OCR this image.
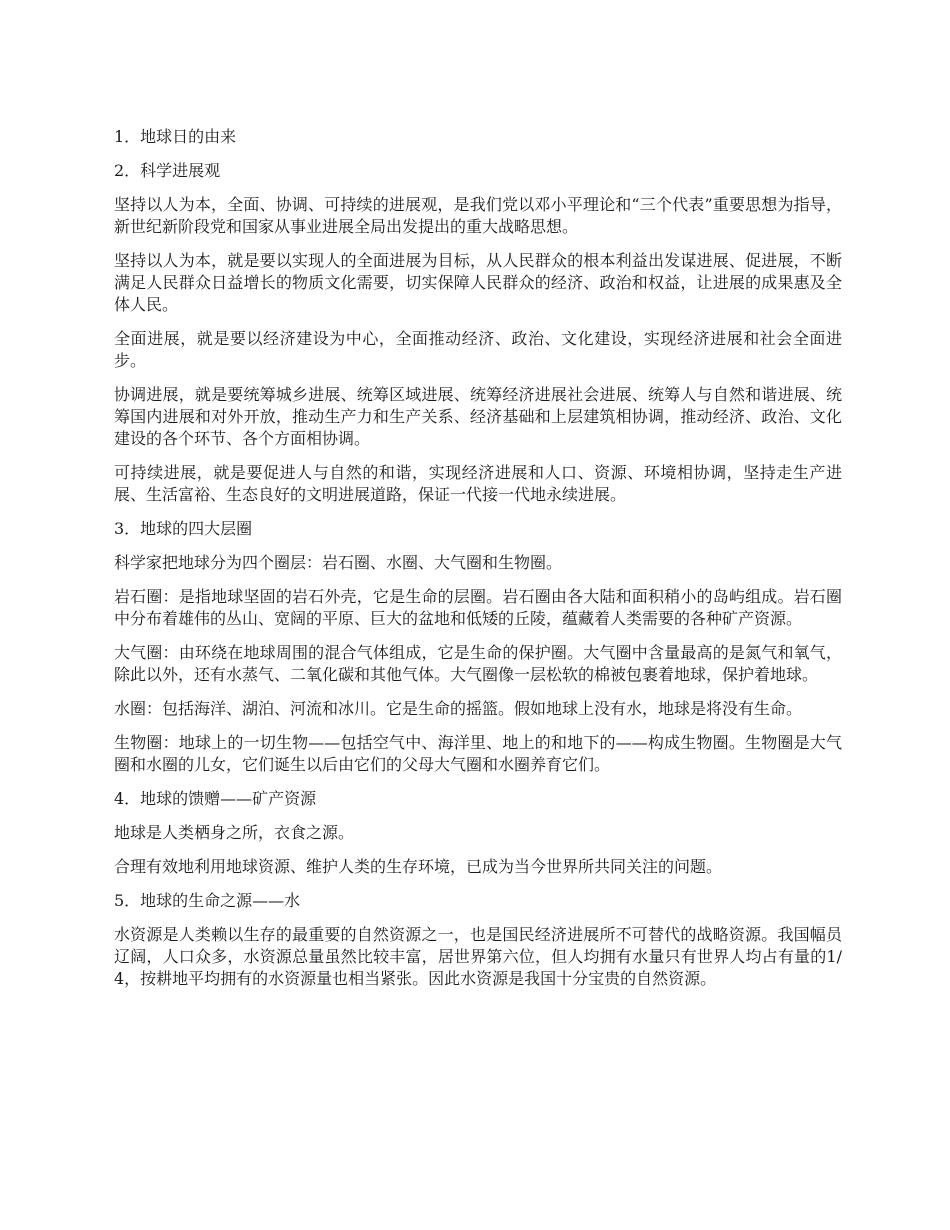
1．地球日的由来

2．科学进展观

坚持以人为本，全面、协调、可持续的进展观，是我们党以邓小平理论和“三个代表”重要思想为指导，新世纪新阶段党和国家从事业进展全局出发提出的重大战略思想。

坚持以人为本，就是要以实现人的全面进展为目标，从人民群众的根本利益出发谋进展、促进展，不断满足人民群众日益增长的物质文化需要，切实保障人民群众的经济、政治和权益，让进展的成果惠及全体人民。

全面进展，就是要以经济建设为中心，全面推动经济、政治、文化建设，实现经济进展和社会全面进步。

协调进展，就是要统筹城乡进展、统筹区域进展、统筹经济进展社会进展、统筹人与自然和谐进展、统筹国内进展和对外开放，推动生产力和生产关系、经济基础和上层建筑相协调，推动经济、政治、文化建设的各个环节、各个方面相协调。

可持续进展，就是要促进人与自然的和谐，实现经济进展和人口、资源、环境相协调，坚持走生产进展、生活富裕、生态良好的文明进展道路，保证一代接一代地永续进展。

3．地球的四大层圈

科学家把地球分为四个圈层：岩石圈、水圈、大气圈和生物圈。

岩石圈：是指地球坚固的岩石外壳，它是生命的层圈。岩石圈由各大陆和面积稍小的岛屿组成。岩石圈中分布着雄伟的丛山、宽阔的平原、巨大的盆地和低矮的丘陵，蕴藏着人类需要的各种矿产资源。

大气圈：由环绕在地球周围的混合气体组成，它是生命的保护圈。大气圈中含量最高的是氮气和氧气，除此以外，还有水蒸气、二氧化碳和其他气体。大气圈像一层松软的棉被包裹着地球，保护着地球。

水圈：包括海洋、湖泊、河流和冰川。它是生命的摇篮。假如地球上没有水，地球是将没有生命。

生物圈：地球上的一切生物——包括空气中、海洋里、地上的和地下的——构成生物圈。生物圈是大气圈和水圈的儿女，它们诞生以后由它们的父母大气圈和水圈养育它们。

4．地球的馈赠——矿产资源

地球是人类栖身之所，衣食之源。

合理有效地利用地球资源、维护人类的生存环境，已成为当今世界所共同关注的问题。

5．地球的生命之源——水

水资源是人类赖以生存的最重要的自然资源之一，也是国民经济进展所不可替代的战略资源。我国幅员辽阔，人口众多，水资源总量虽然比较丰富，居世界第六位，但人均拥有水量只有世界人均占有量的1/4，按耕地平均拥有的水资源量也相当紧张。因此水资源是我国十分宝贵的自然资源。
